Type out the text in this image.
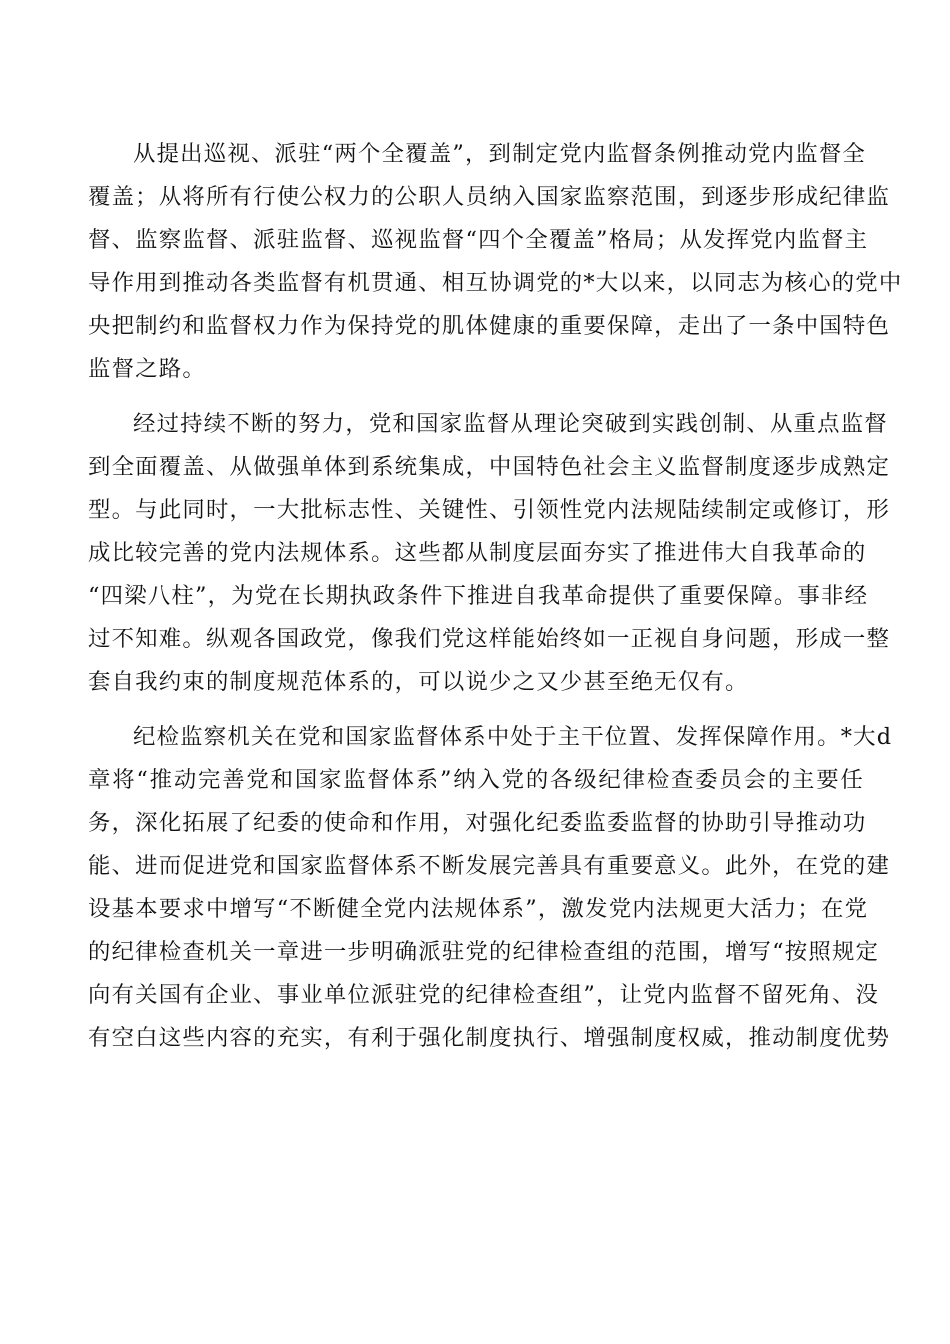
从提出巡视、派驻“两个全覆盖”，到制定党内监督条例推动党内监督全
覆盖；从将所有行使公权力的公职人员纳入国家监察范围，到逐步形成纪律监
督、监察监督、派驻监督、巡视监督“四个全覆盖”格局；从发挥党内监督主
导作用到推动各类监督有机贯通、相互协调党的*大以来，以同志为核心的党中
央把制约和监督权力作为保持党的肌体健康的重要保障，走出了一条中国特色
监督之路。
经过持续不断的努力，党和国家监督从理论突破到实践创制、从重点监督
到全面覆盖、从做强单体到系统集成，中国特色社会主义监督制度逐步成熟定
型。与此同时，一大批标志性、关键性、引领性党内法规陆续制定或修订，形
成比较完善的党内法规体系。这些都从制度层面夯实了推进伟大自我革命的
“四梁八柱”，为党在长期执政条件下推进自我革命提供了重要保障。事非经
过不知难。纵观各国政党，像我们党这样能始终如一正视自身问题，形成一整
套自我约束的制度规范体系的，可以说少之又少甚至绝无仅有。
纪检监察机关在党和国家监督体系中处于主干位置、发挥保障作用。*大d
章将“推动完善党和国家监督体系”纳入党的各级纪律检查委员会的主要任
务，深化拓展了纪委的使命和作用，对强化纪委监委监督的协助引导推动功
能、进而促进党和国家监督体系不断发展完善具有重要意义。此外，在党的建
设基本要求中增写“不断健全党内法规体系”，激发党内法规更大活力；在党
的纪律检查机关一章进一步明确派驻党的纪律检查组的范围，增写“按照规定
向有关国有企业、事业单位派驻党的纪律检查组”，让党内监督不留死角、没
有空白这些内容的充实，有利于强化制度执行、增强制度权威，推动制度优势
